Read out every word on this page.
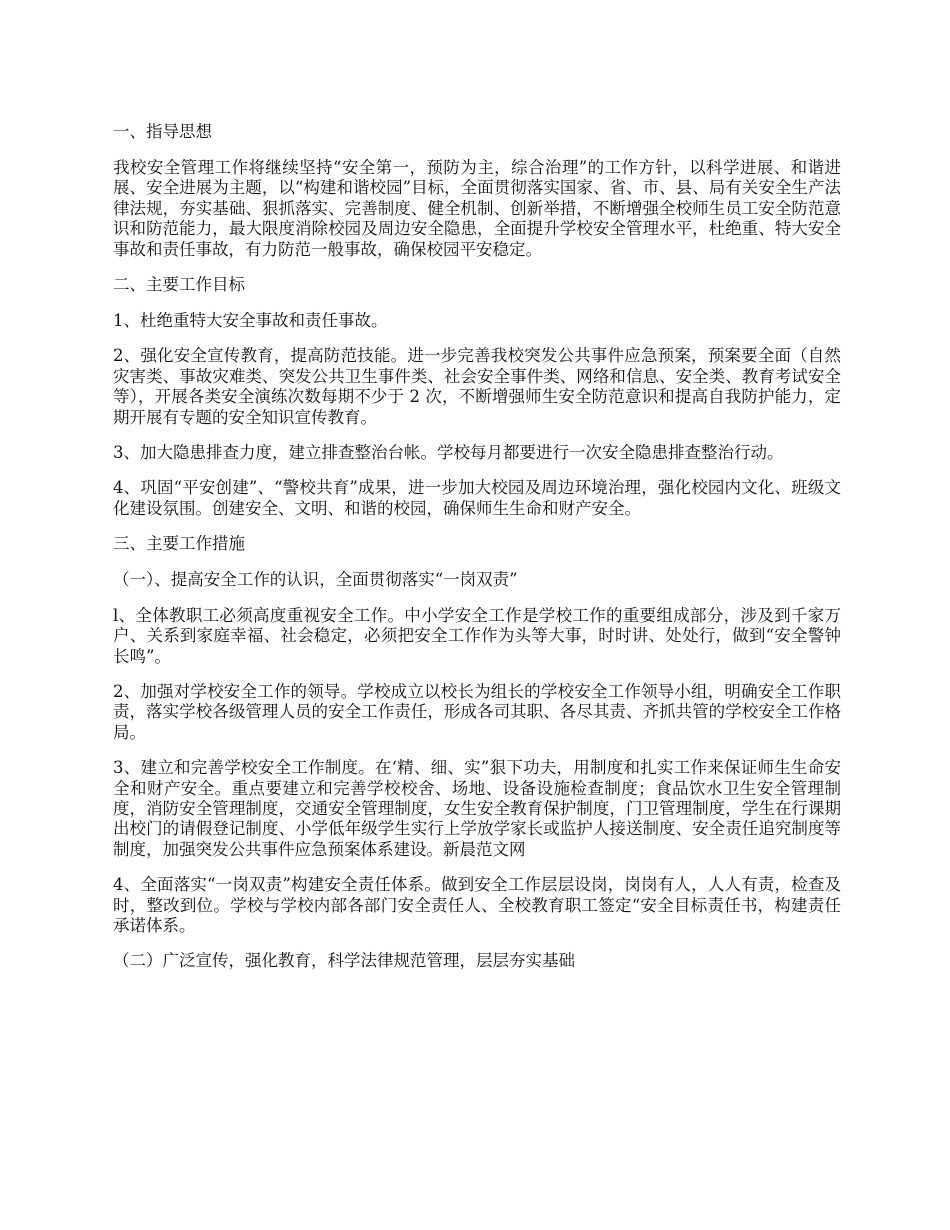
一、指导思想
我校安全管理工作将继续坚持“安全第一，预防为主，综合治理”的工作方针，以科学进展、和谐进展、安全进展为主题，以“构建和谐校园”目标，全面贯彻落实国家、省、市、县、局有关安全生产法律法规，夯实基础、狠抓落实、完善制度、健全机制、创新举措，不断增强全校师生员工安全防范意识和防范能力，最大限度消除校园及周边安全隐患，全面提升学校安全管理水平，杜绝重、特大安全事故和责任事故，有力防范一般事故，确保校园平安稳定。
二、主要工作目标
1、杜绝重特大安全事故和责任事故。
2、强化安全宣传教育，提高防范技能。进一步完善我校突发公共事件应急预案，预案要全面（自然灾害类、事故灾难类、突发公共卫生事件类、社会安全事件类、网络和信息、安全类、教育考试安全等），开展各类安全演练次数每期不少于 2 次，不断增强师生安全防范意识和提高自我防护能力，定期开展有专题的安全知识宣传教育。
3、加大隐患排查力度，建立排查整治台帐。学校每月都要进行一次安全隐患排查整治行动。
4、巩固“平安创建”、“警校共育”成果，进一步加大校园及周边环境治理，强化校园内文化、班级文化建设氛围。创建安全、文明、和谐的校园，确保师生生命和财产安全。
三、主要工作措施
（一）、提高安全工作的认识，全面贯彻落实“一岗双责”
l、全体教职工必须高度重视安全工作。中小学安全工作是学校工作的重要组成部分，涉及到千家万户、关系到家庭幸福、社会稳定，必须把安全工作作为头等大事，时时讲、处处行，做到“安全警钟长鸣”。
2、加强对学校安全工作的领导。学校成立以校长为组长的学校安全工作领导小组，明确安全工作职责，落实学校各级管理人员的安全工作责任，形成各司其职、各尽其责、齐抓共管的学校安全工作格局。
3、建立和完善学校安全工作制度。在‘精、细、实”狠下功夫，用制度和扎实工作来保证师生生命安全和财产安全。重点要建立和完善学校校舍、场地、设备设施检查制度；食品饮水卫生安全管理制度，消防安全管理制度，交通安全管理制度，女生安全教育保护制度，门卫管理制度，学生在行课期出校门的请假登记制度、小学低年级学生实行上学放学家长或监护人接送制度、安全责任追究制度等制度，加强突发公共事件应急预案体系建设。新晨范文网
4、全面落实“一岗双责”构建安全责任体系。做到安全工作层层设岗，岗岗有人，人人有责，检查及时，整改到位。学校与学校内部各部门安全责任人、全校教育职工签定“安全目标责任书，构建责任承诺体系。
（二）广泛宣传，强化教育，科学法律规范管理，层层夯实基础
